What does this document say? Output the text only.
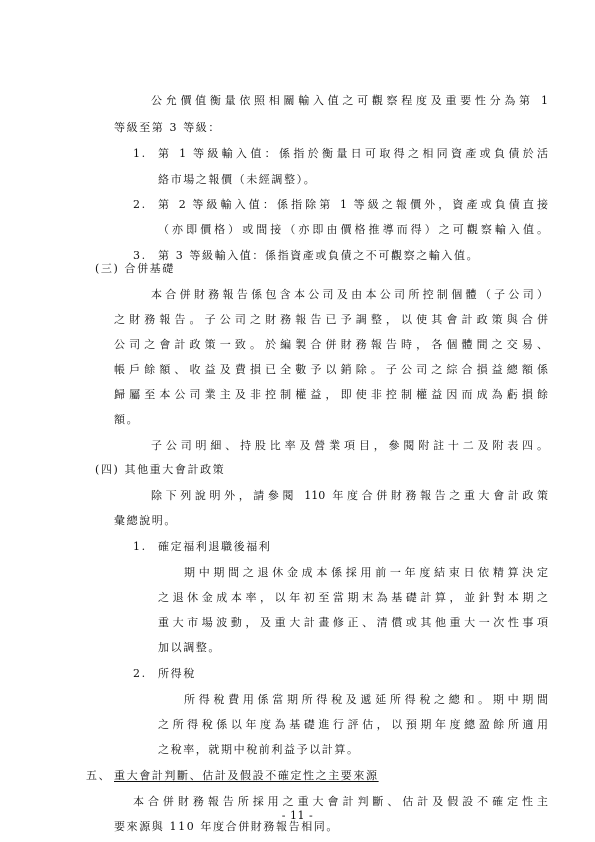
公允價值衡量依照相關輸入值之可觀察程度及重要性分為第 1
等級至第 3 等級：
1. 第 1 等級輸入值：係指於衡量日可取得之相同資產或負債於活
絡市場之報價（未經調整）。
2. 第 2 等級輸入值：係指除第 1 等級之報價外，資產或負債直接
（亦即價格）或間接（亦即由價格推導而得）之可觀察輸入值。
3. 第 3 等級輸入值：係指資產或負債之不可觀察之輸入值。
(三) 合併基礎
本合併財務報告係包含本公司及由本公司所控制個體（子公司）
之財務報告。子公司之財務報告已予調整，以使其會計政策與合併
公司之會計政策一致。於編製合併財務報告時，各個體間之交易、
帳戶餘額、收益及費損已全數予以銷除。子公司之綜合損益總額係
歸屬至本公司業主及非控制權益，即使非控制權益因而成為虧損餘
額。
子公司明細、持股比率及營業項目，參閱附註十二及附表四。
(四) 其他重大會計政策
除下列說明外，請參閱 110 年度合併財務報告之重大會計政策
彙總說明。
1. 確定福利退職後福利
期中期間之退休金成本係採用前一年度結束日依精算決定
之退休金成本率，以年初至當期末為基礎計算，並針對本期之
重大市場波動，及重大計畫修正、清償或其他重大一次性事項
加以調整。
2. 所得稅
所得稅費用係當期所得稅及遞延所得稅之總和。期中期間
之所得稅係以年度為基礎進行評估，以預期年度總盈餘所適用
之稅率，就期中稅前利益予以計算。
五、 重大會計判斷、估計及假設不確定性之主要來源
本合併財務報告所採用之重大會計判斷、估計及假設不確定性主
要來源與 110 年度合併財務報告相同。
- 11 -
